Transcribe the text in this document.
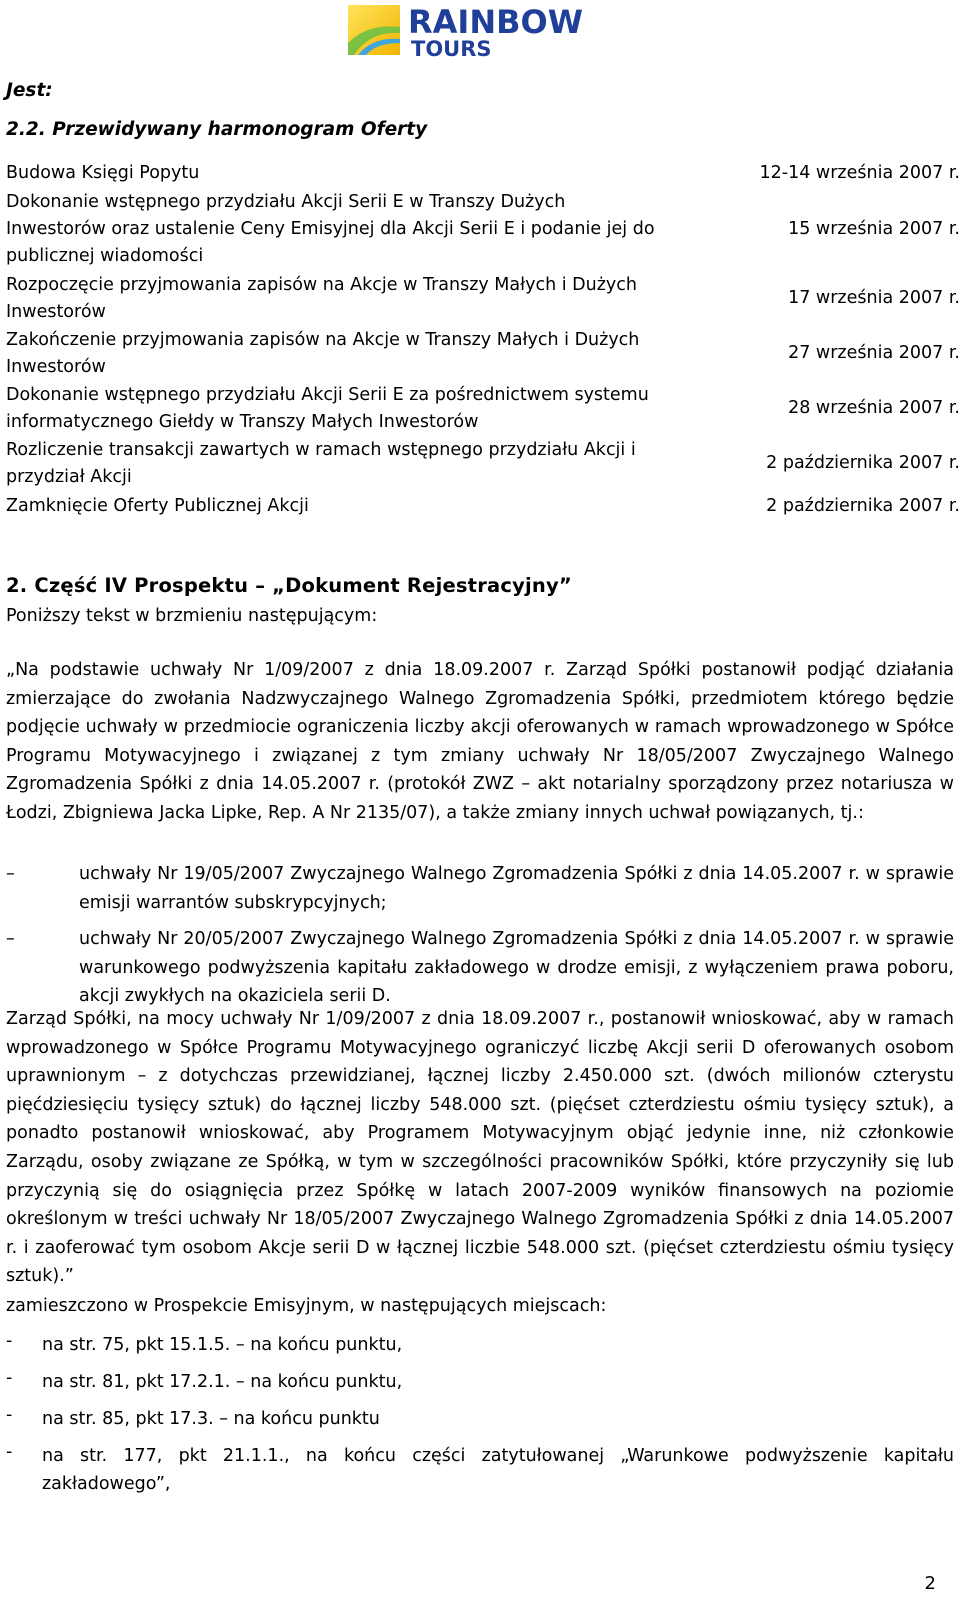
RAINBOW
TOURS
Jest:
2.2. Przewidywany harmonogram Oferty
Budowa Księgi Popytu	12-14 września 2007 r.
Dokonanie wstępnego przydziału Akcji Serii E w Transzy Dużych
Inwestorów oraz ustalenie Ceny Emisyjnej dla Akcji Serii E i podanie jej do
publicznej wiadomości
15 września 2007 r.
Rozpoczęcie przyjmowania zapisów na Akcje w Transzy Małych i Dużych
Inwestorów
17 września 2007 r.
Zakończenie przyjmowania zapisów na Akcje w Transzy Małych i Dużych
Inwestorów
27 września 2007 r.
Dokonanie wstępnego przydziału Akcji Serii E za pośrednictwem systemu
informatycznego Giełdy w Transzy Małych Inwestorów
28 września 2007 r.
Rozliczenie transakcji zawartych w ramach wstępnego przydziału Akcji i
przydział Akcji
2 października 2007 r.
Zamknięcie Oferty Publicznej Akcji	2 października 2007 r.
2. Część IV Prospektu – „Dokument Rejestracyjny”
Poniższy tekst w brzmieniu następującym:
„Na podstawie uchwały Nr 1/09/2007 z dnia 18.09.2007 r. Zarząd Spółki postanowił podjąć działania zmierzające do zwołania Nadzwyczajnego Walnego Zgromadzenia Spółki, przedmiotem którego będzie podjęcie uchwały w przedmiocie ograniczenia liczby akcji oferowanych w ramach wprowadzonego w Spółce Programu Motywacyjnego i związanej z tym zmiany uchwały Nr 18/05/2007 Zwyczajnego Walnego Zgromadzenia Spółki z dnia 14.05.2007 r. (protokół ZWZ – akt notarialny sporządzony przez notariusza w Łodzi, Zbigniewa Jacka Lipke, Rep. A Nr 2135/07), a także zmiany innych uchwał powiązanych, tj.:
–	uchwały Nr 19/05/2007 Zwyczajnego Walnego Zgromadzenia Spółki z dnia 14.05.2007 r. w sprawie emisji warrantów subskrypcyjnych;
–	uchwały Nr 20/05/2007 Zwyczajnego Walnego Zgromadzenia Spółki z dnia 14.05.2007 r. w sprawie warunkowego podwyższenia kapitału zakładowego w drodze emisji, z wyłączeniem prawa poboru, akcji zwykłych na okaziciela serii D.
Zarząd Spółki, na mocy uchwały Nr 1/09/2007 z dnia 18.09.2007 r., postanowił wnioskować, aby w ramach wprowadzonego w Spółce Programu Motywacyjnego ograniczyć liczbę Akcji serii D oferowanych osobom uprawnionym – z dotychczas przewidzianej, łącznej liczby 2.450.000 szt. (dwóch milionów czterystu pięćdziesięciu tysięcy sztuk) do łącznej liczby 548.000 szt. (pięćset czterdziestu ośmiu tysięcy sztuk), a ponadto postanowił wnioskować, aby Programem Motywacyjnym objąć jedynie inne, niż członkowie Zarządu, osoby związane ze Spółką, w tym w szczególności pracowników Spółki, które przyczyniły się lub przyczynią się do osiągnięcia przez Spółkę w latach 2007-2009 wyników finansowych na poziomie określonym w treści uchwały Nr 18/05/2007 Zwyczajnego Walnego Zgromadzenia Spółki z dnia 14.05.2007 r. i zaoferować tym osobom Akcje serii D w łącznej liczbie 548.000 szt. (pięćset czterdziestu ośmiu tysięcy sztuk).”
zamieszczono w Prospekcie Emisyjnym, w następujących miejscach:
-	na str. 75, pkt 15.1.5. – na końcu punktu,
-	na str. 81, pkt 17.2.1. – na końcu punktu,
-	na str. 85, pkt 17.3. – na końcu punktu
-	na str. 177, pkt 21.1.1., na końcu części zatytułowanej „Warunkowe podwyższenie kapitału zakładowego”,
2
